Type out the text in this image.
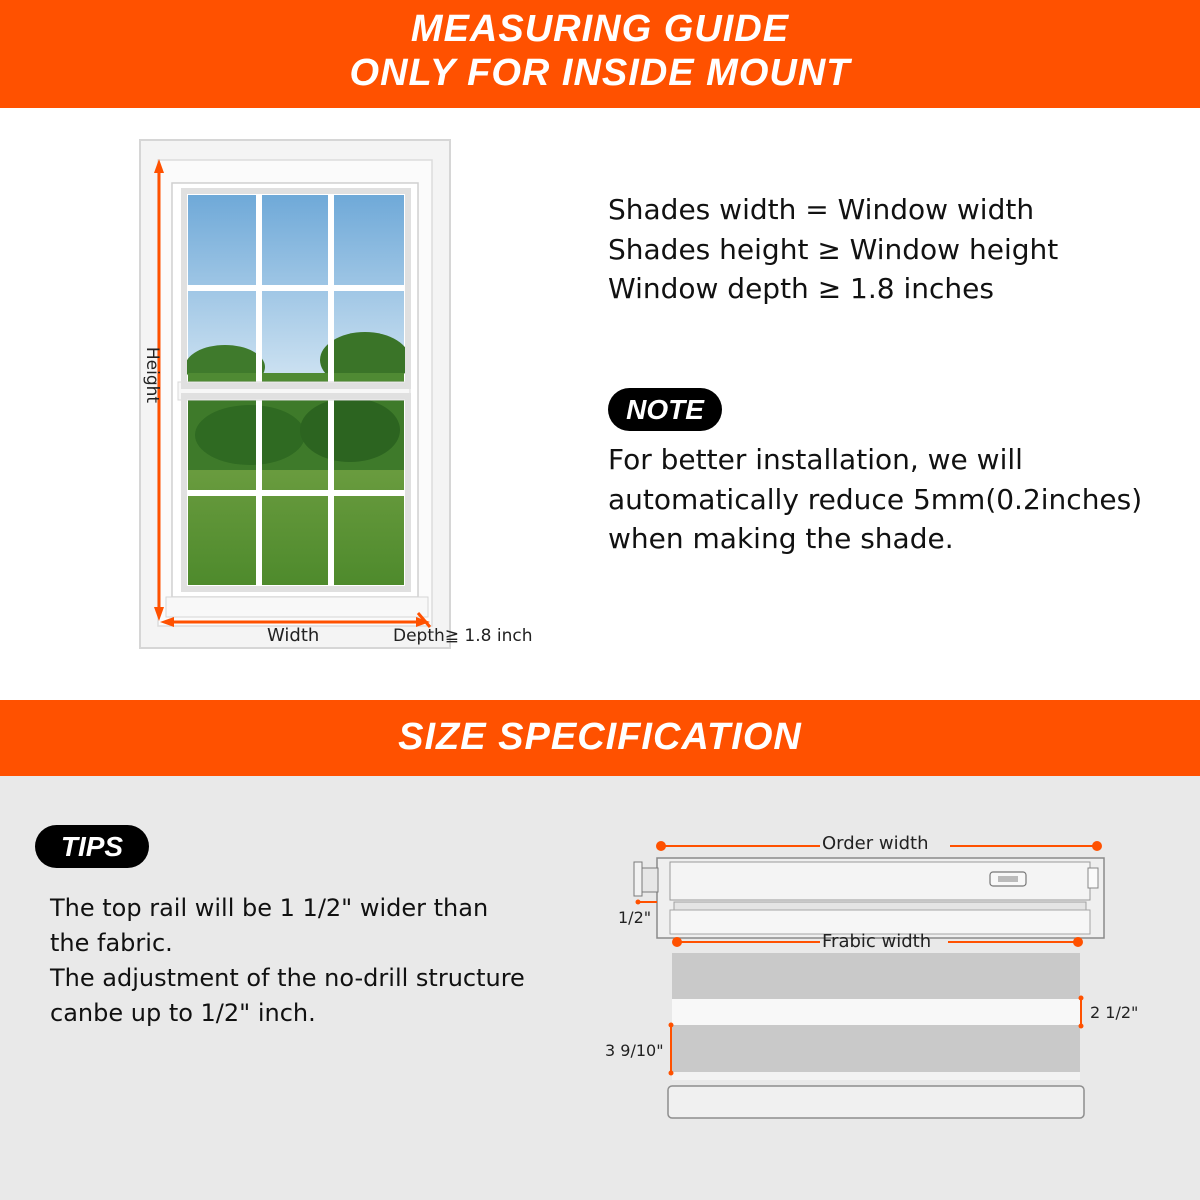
MEASURING GUIDE
ONLY FOR INSIDE MOUNT
Height
Width	Depth≧ 1.8 inch
Shades width = Window width
Shades height ≥ Window height
Window depth ≥ 1.8 inches
NOTE
For better installation, we will
automatically reduce 5mm(0.2inches)
when making the shade.
SIZE SPECIFICATION
TIPS
The top rail will be 1 1/2" wider than
the fabric.
The adjustment of the no-drill structure
canbe up to 1/2" inch.
Order width
Frabic width
1/2"
2 1/2"
3 9/10"
